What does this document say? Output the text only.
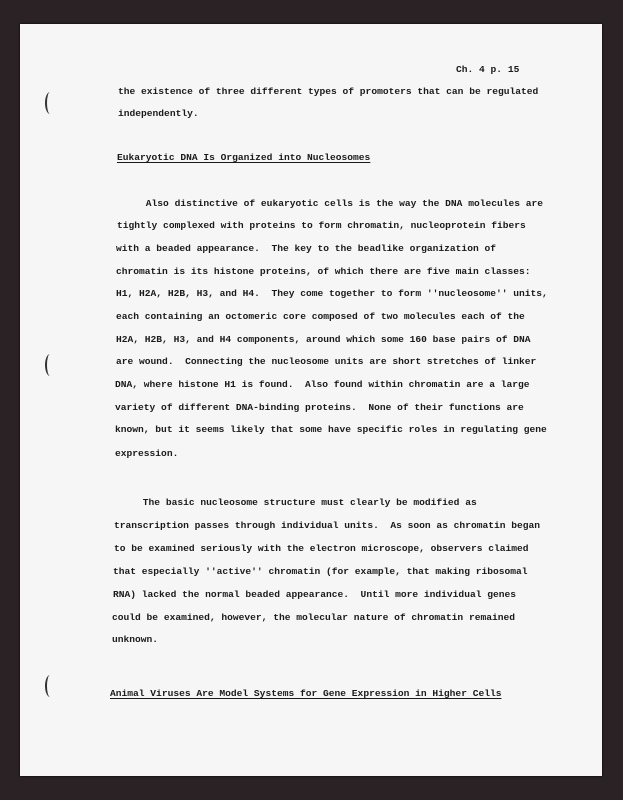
Ch. 4 p. 15
the existence of three different types of promoters that can be regulated
independently.
Eukaryotic DNA Is Organized into Nucleosomes
Also distinctive of eukaryotic cells is the way the DNA molecules are
tightly complexed with proteins to form chromatin, nucleoprotein fibers
with a beaded appearance.  The key to the beadlike organization of
chromatin is its histone proteins, of which there are five main classes:
H1, H2A, H2B, H3, and H4.  They come together to form ''nucleosome'' units,
each containing an octomeric core composed of two molecules each of the
H2A, H2B, H3, and H4 components, around which some 160 base pairs of DNA
are wound.  Connecting the nucleosome units are short stretches of linker
DNA, where histone H1 is found.  Also found within chromatin are a large
variety of different DNA-binding proteins.  None of their functions are
known, but it seems likely that some have specific roles in regulating gene
expression.
The basic nucleosome structure must clearly be modified as
transcription passes through individual units.  As soon as chromatin began
to be examined seriously with the electron microscope, observers claimed
that especially ''active'' chromatin (for example, that making ribosomal
RNA) lacked the normal beaded appearance.  Until more individual genes
could be examined, however, the molecular nature of chromatin remained
unknown.
Animal Viruses Are Model Systems for Gene Expression in Higher Cells
